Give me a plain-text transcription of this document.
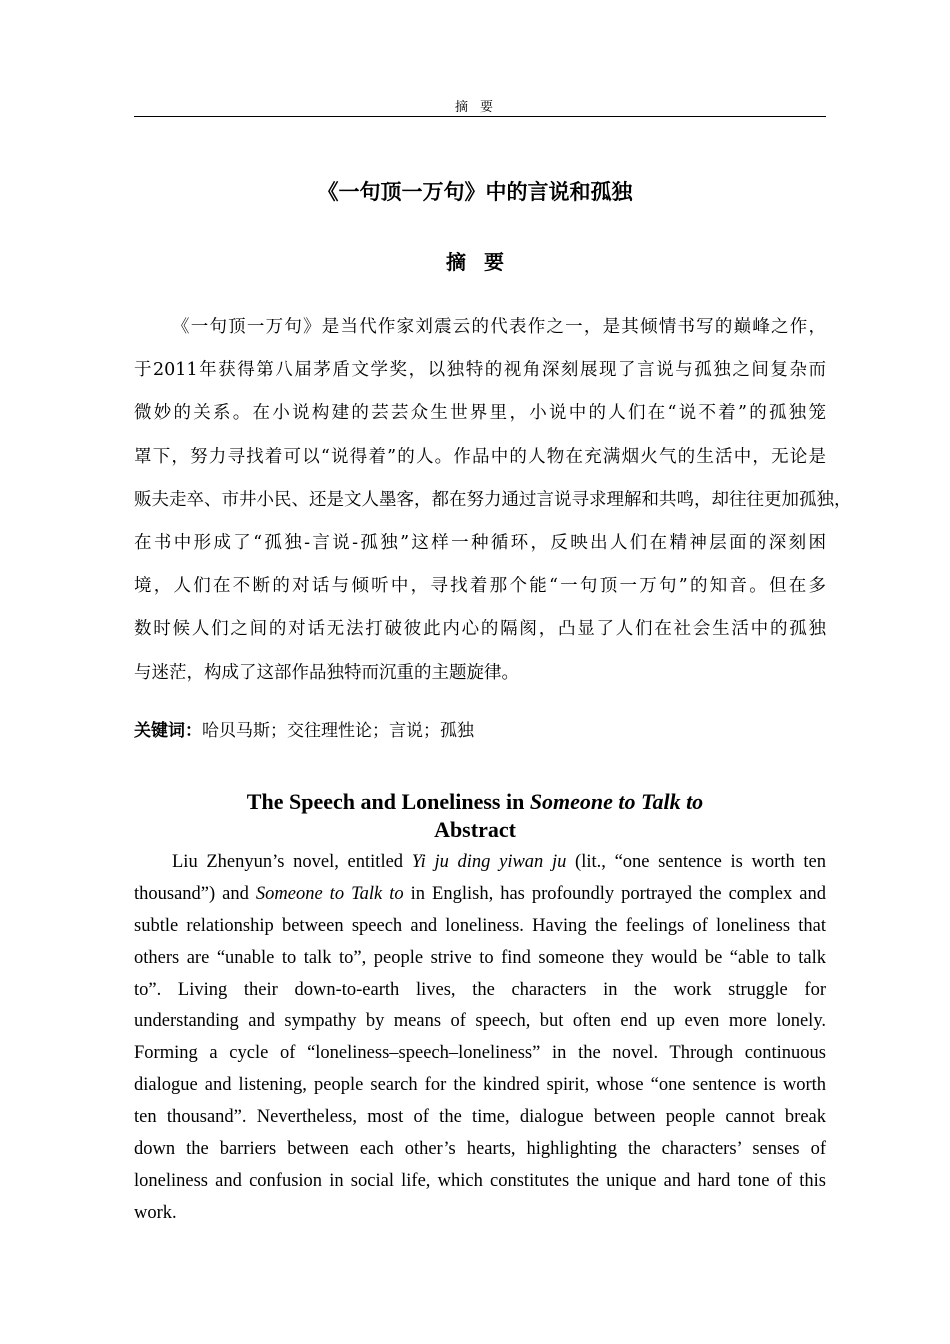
摘要
《一句顶一万句》中的言说和孤独
摘要
《一句顶一万句》是当代作家刘震云的代表作之一，是其倾情书写的巅峰之作，
于2011年获得第八届茅盾文学奖，以独特的视角深刻展现了言说与孤独之间复杂而
微妙的关系。在小说构建的芸芸众生世界里，小说中的人们在“说不着”的孤独笼
罩下，努力寻找着可以“说得着”的人。作品中的人物在充满烟火气的生活中，无论是
贩夫走卒、市井小民、还是文人墨客，都在努力通过言说寻求理解和共鸣，却往往更加孤独，
在书中形成了“孤独-言说-孤独”这样一种循环，反映出人们在精神层面的深刻困
境，人们在不断的对话与倾听中，寻找着那个能“一句顶一万句”的知音。但在多
数时候人们之间的对话无法打破彼此内心的隔阂，凸显了人们在社会生活中的孤独
与迷茫，构成了这部作品独特而沉重的主题旋律。
关键词：哈贝马斯；交往理性论；言说；孤独
The Speech and Loneliness in Someone to Talk to
Abstract
Liu Zhenyun’s novel, entitled Yi ju ding yiwan ju (lit., “one sentence is worth ten
thousand”) and Someone to Talk to in English, has profoundly portrayed the complex and
subtle relationship between speech and loneliness. Having the feelings of loneliness that
others are “unable to talk to”, people strive to find someone they would be “able to talk
to”. Living their down-to-earth lives, the characters in the work struggle for
understanding and sympathy by means of speech, but often end up even more lonely.
Forming a cycle of “loneliness–speech–loneliness” in the novel. Through continuous
dialogue and listening, people search for the kindred spirit, whose “one sentence is worth
ten thousand”. Nevertheless, most of the time, dialogue between people cannot break
down the barriers between each other’s hearts, highlighting the characters’ senses of
loneliness and confusion in social life, which constitutes the unique and hard tone of this
work.
